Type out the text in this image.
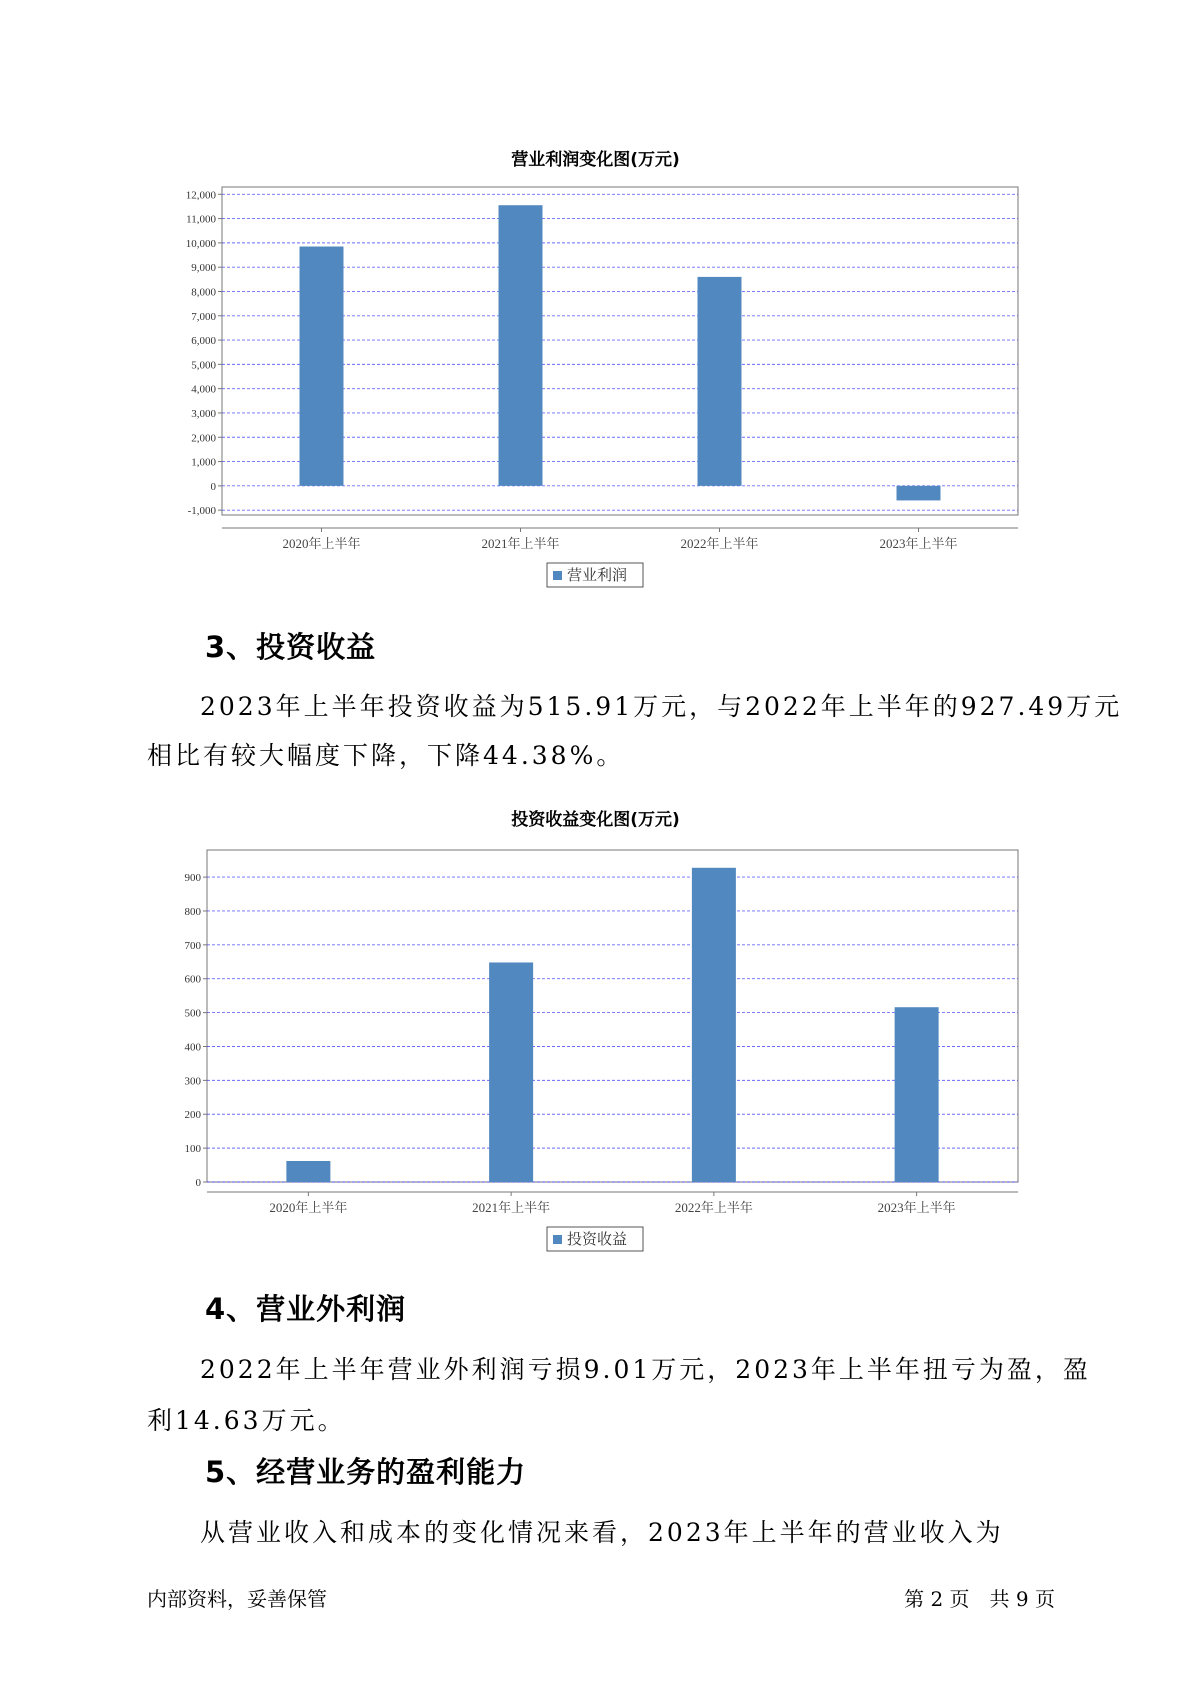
营业利润变化图(万元)
-1,000
0
1,000
2,000
3,000
4,000
5,000
6,000
7,000
8,000
9,000
10,000
11,000
12,000
2020年上半年	2021年上半年	2022年上半年	2023年上半年
营业利润
3、投资收益
2023年上半年投资收益为515.91万元，与2022年上半年的927.49万元
相比有较大幅度下降，下降44.38%。
投资收益变化图(万元)
0
100
200
300
400
500
600
700
800
900
2020年上半年	2021年上半年	2022年上半年	2023年上半年
投资收益
4、营业外利润
2022年上半年营业外利润亏损9.01万元，2023年上半年扭亏为盈，盈
利14.63万元。
5、经营业务的盈利能力
从营业收入和成本的变化情况来看，2023年上半年的营业收入为
内部资料，妥善保管	第 2 页　共 9 页
